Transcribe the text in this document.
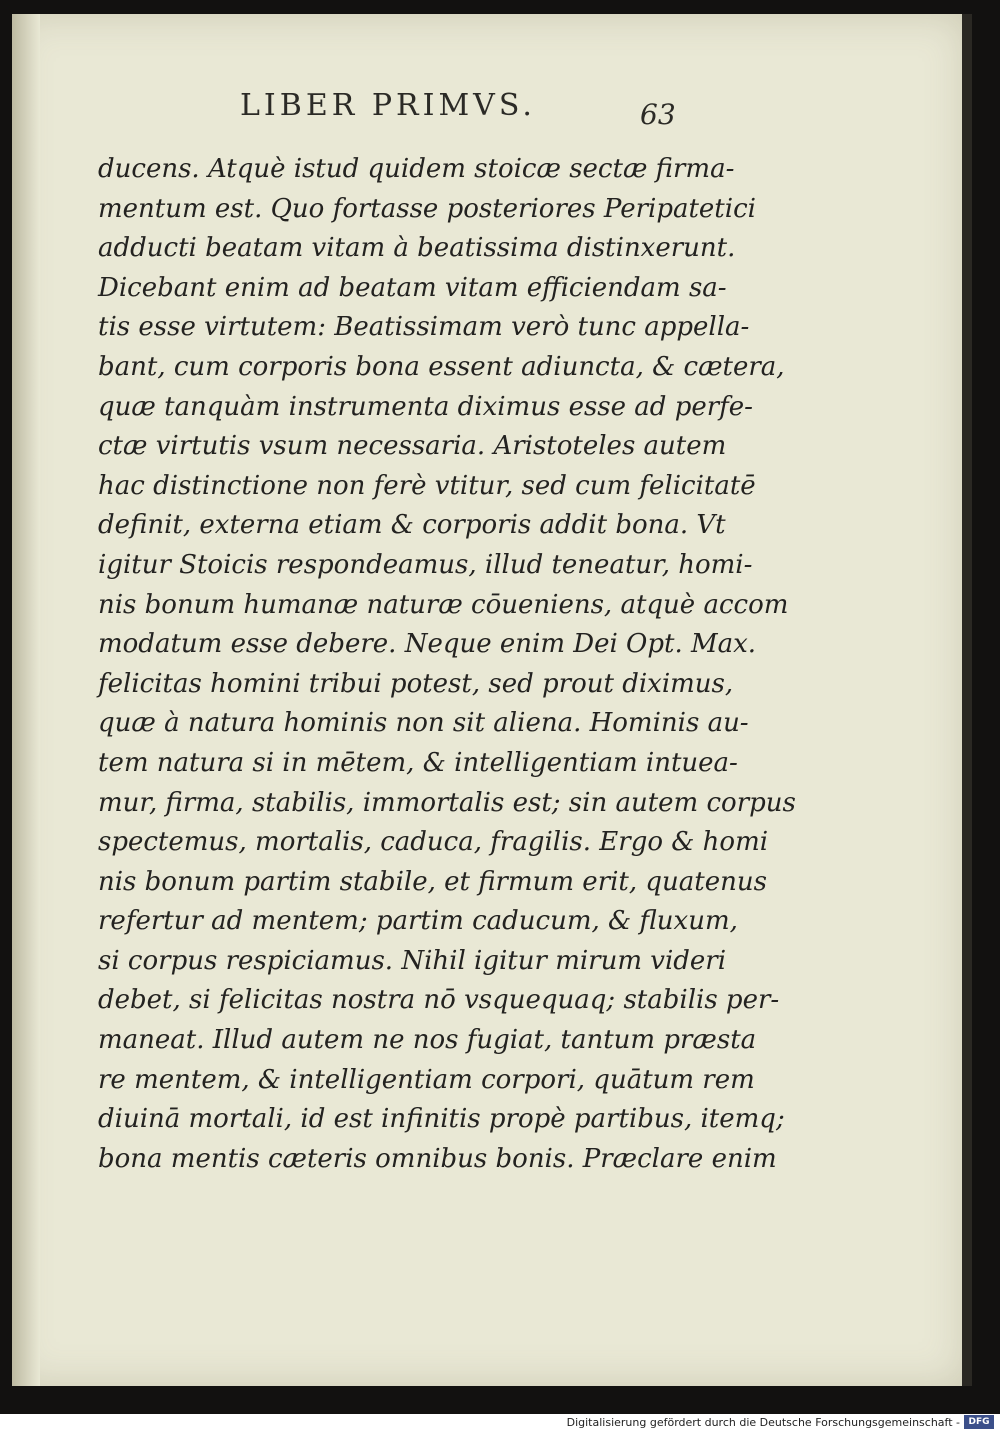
LIBER PRIMVS.	63
ducens. Atquè istud quidem stoicæ sectæ firma-
mentum est. Quo fortasse posteriores Peripatetici
adducti beatam vitam à beatissima distinxerunt.
Dicebant enim ad beatam vitam efficiendam sa-
tis esse virtutem: Beatissimam verò tunc appella-
bant, cum corporis bona essent adiuncta, & cætera,
quæ tanquàm instrumenta diximus esse ad perfe-
ctæ virtutis vsum necessaria. Aristoteles autem
hac distinctione non ferè vtitur, sed cum felicitatē
definit, externa etiam & corporis addit bona. Vt
igitur Stoicis respondeamus, illud teneatur, homi-
nis bonum humanæ naturæ cōueniens, atquè accom
modatum esse debere. Neque enim Dei Opt. Max.
felicitas homini tribui potest, sed prout diximus,
quæ à natura hominis non sit aliena. Hominis au-
tem natura si in mētem, & intelligentiam intuea-
mur, firma, stabilis, immortalis est; sin autem corpus
spectemus, mortalis, caduca, fragilis. Ergo & homi
nis bonum partim stabile, et firmum erit, quatenus
refertur ad mentem; partim caducum, & fluxum,
si corpus respiciamus. Nihil igitur mirum videri
debet, si felicitas nostra nō vsquequaq; stabilis per-
maneat. Illud autem ne nos fugiat, tantum præsta
re mentem, & intelligentiam corpori, quātum rem
diuinā mortali, id est infinitis propè partibus, itemq;
bona mentis cæteris omnibus bonis. Præclare enim
Digitalisierung gefördert durch die Deutsche Forschungsgemeinschaft - DFG
